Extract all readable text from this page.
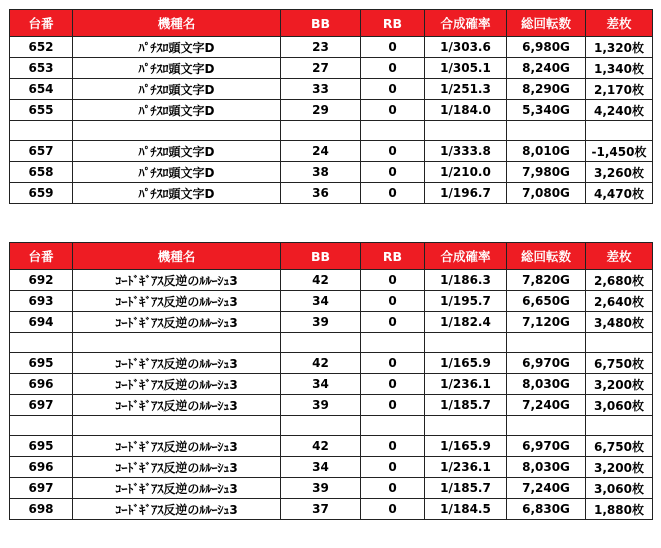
台番	機種名	BB	RB	合成確率	総回転数	差枚
652	ﾊﾟﾁｽﾛ頭文字D	23	0	1/303.6	6,980G	1,320枚
653	ﾊﾟﾁｽﾛ頭文字D	27	0	1/305.1	8,240G	1,340枚
654	ﾊﾟﾁｽﾛ頭文字D	33	0	1/251.3	8,290G	2,170枚
655	ﾊﾟﾁｽﾛ頭文字D	29	0	1/184.0	5,340G	4,240枚

657	ﾊﾟﾁｽﾛ頭文字D	24	0	1/333.8	8,010G	-1,450枚
658	ﾊﾟﾁｽﾛ頭文字D	38	0	1/210.0	7,980G	3,260枚
659	ﾊﾟﾁｽﾛ頭文字D	36	0	1/196.7	7,080G	4,470枚
台番	機種名	BB	RB	合成確率	総回転数	差枚
692	ｺｰﾄﾞｷﾞｱｽ反逆のﾙﾙｰｼｭ3	42	0	1/186.3	7,820G	2,680枚
693	ｺｰﾄﾞｷﾞｱｽ反逆のﾙﾙｰｼｭ3	34	0	1/195.7	6,650G	2,640枚
694	ｺｰﾄﾞｷﾞｱｽ反逆のﾙﾙｰｼｭ3	39	0	1/182.4	7,120G	3,480枚

695	ｺｰﾄﾞｷﾞｱｽ反逆のﾙﾙｰｼｭ3	42	0	1/165.9	6,970G	6,750枚
696	ｺｰﾄﾞｷﾞｱｽ反逆のﾙﾙｰｼｭ3	34	0	1/236.1	8,030G	3,200枚
697	ｺｰﾄﾞｷﾞｱｽ反逆のﾙﾙｰｼｭ3	39	0	1/185.7	7,240G	3,060枚

695	ｺｰﾄﾞｷﾞｱｽ反逆のﾙﾙｰｼｭ3	42	0	1/165.9	6,970G	6,750枚
696	ｺｰﾄﾞｷﾞｱｽ反逆のﾙﾙｰｼｭ3	34	0	1/236.1	8,030G	3,200枚
697	ｺｰﾄﾞｷﾞｱｽ反逆のﾙﾙｰｼｭ3	39	0	1/185.7	7,240G	3,060枚
698	ｺｰﾄﾞｷﾞｱｽ反逆のﾙﾙｰｼｭ3	37	0	1/184.5	6,830G	1,880枚
